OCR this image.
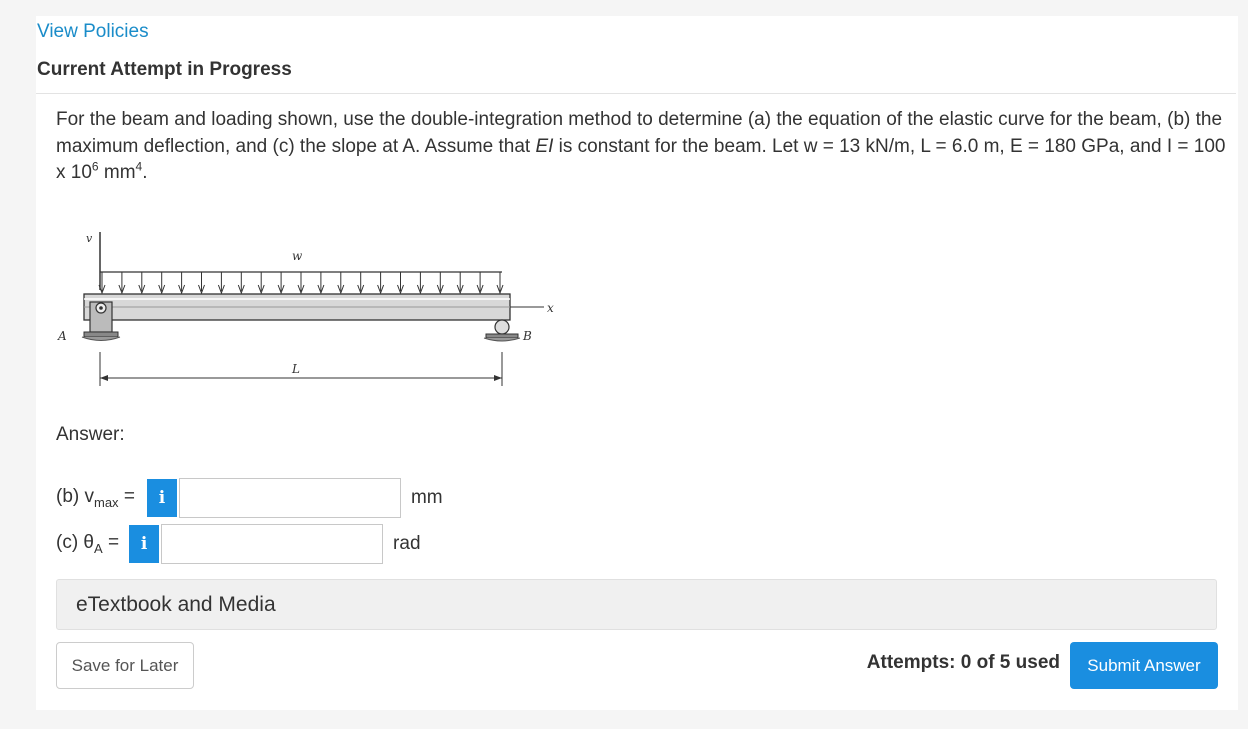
View Policies
Current Attempt in Progress
For the beam and loading shown, use the double-integration method to determine (a) the equation of the elastic curve for the beam, (b) the maximum deflection, and (c) the slope at A. Assume that EI is constant for the beam. Let w = 13 kN/m, L = 6.0 m, E = 180 GPa, and I = 100 x $10^6$ $mm^4$.
v
w
x
A	B
L
Answer:
(b) $v_{max}$ =	i	mm
(c) $\theta_A$ =	i	rad
eTextbook and Media
Save for Later	Attempts: 0 of 5 used	Submit Answer
